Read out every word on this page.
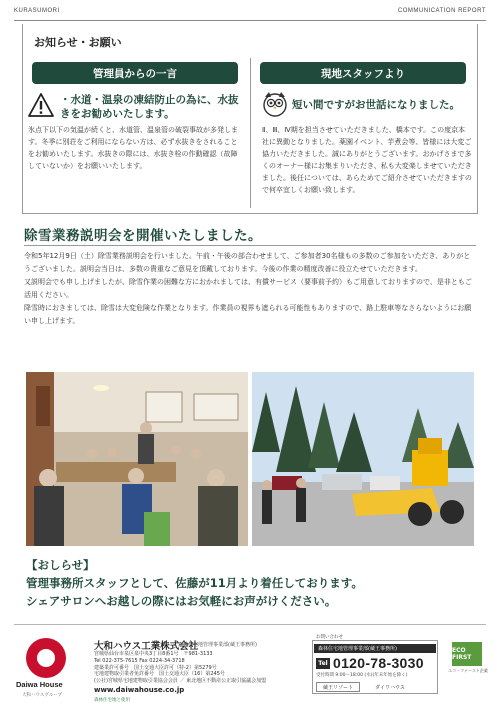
KURASUMORI	COMMUNICATION REPORT
お知らせ・お願い
管理員からの一言	現地スタッフより
・水道・温泉の凍結防止の為に、水抜きをお勧めいたします。
氷点下以下の気温が続くと、水道管、温泉管の破裂事故が多発します。冬季に別荘をご利用にならない方は、必ず水抜きをされることをお勧めいたします。水抜きの際には、水抜き栓の作動確認（故障していないか）をお願いいたします。
短い間ですがお世話になりました。
Ⅱ、Ⅲ、Ⅳ期を担当させていただきました、橋本です。この度京本社に異動となりました。薬園イベント、芋煮会等、皆様には大変ご協力いただきました。誠にありがとうございます。おかげさまで多くのオーナー様にお集まりいただき、私も大変楽しませていただきました。後任については、あらためてご紹介させていただきますので何卒宜しくお願い致します。
除雪業務説明会を開催いたしました。

令和5年12月9日（土）除雪業務説明会を行いました。午前・午後の部合わせまして、ご参加者30名様もの多数のご参加をいただき、ありがとうございました。説明会当日は、多数の貴重なご意見を頂戴しております。今後の作業の精度改善に役立たせていただきます。

又説明会でも申し上げましたが、除雪作業の困難な方におかれましては、有償サービス（要事前予約）もご用意しておりますので、是非ともご活用ください。

降雪時におきましては、除雪は大変危険な作業となります。作業員の視界も遮られる可能性もありますので、路上駐車等なさらないようにお願い申し上げます。

【おしらせ】
管理事務所スタッフとして、佐藤が11月より着任しております。
シェアサロンへお越しの際にはお気軽にお声がけください。
Daiwa House
大和ハウスグループ
大和ハウス工業株式会社
森林住宅地管理事業部(蔵王事務所)
宮城県仙台市泉区泉中央3丁目8番1号　〒981-3133
Tel 022-375-7615 Fax 0224-34-3718
建築業許可番号　国土交通大臣許可（特-2）第5279号
宅地建物取引業者免許番号　国土交通大臣（16）第245号
(公社)宮城県宅地建物取引業協会会員 ／ 東北地区不動産公正取引協議会加盟
www.daiwahouse.co.jp
森林住宅地と使用
お問い合わせ
森林住宅地管理事業部(蔵王事務所)
Tel 0120-78-3030
受付時間 9:00〜18:00 (水)(年末年始を除く)
蔵王リゾート	ダイワハウス
ECO FIRST
エコ・ファースト企業
